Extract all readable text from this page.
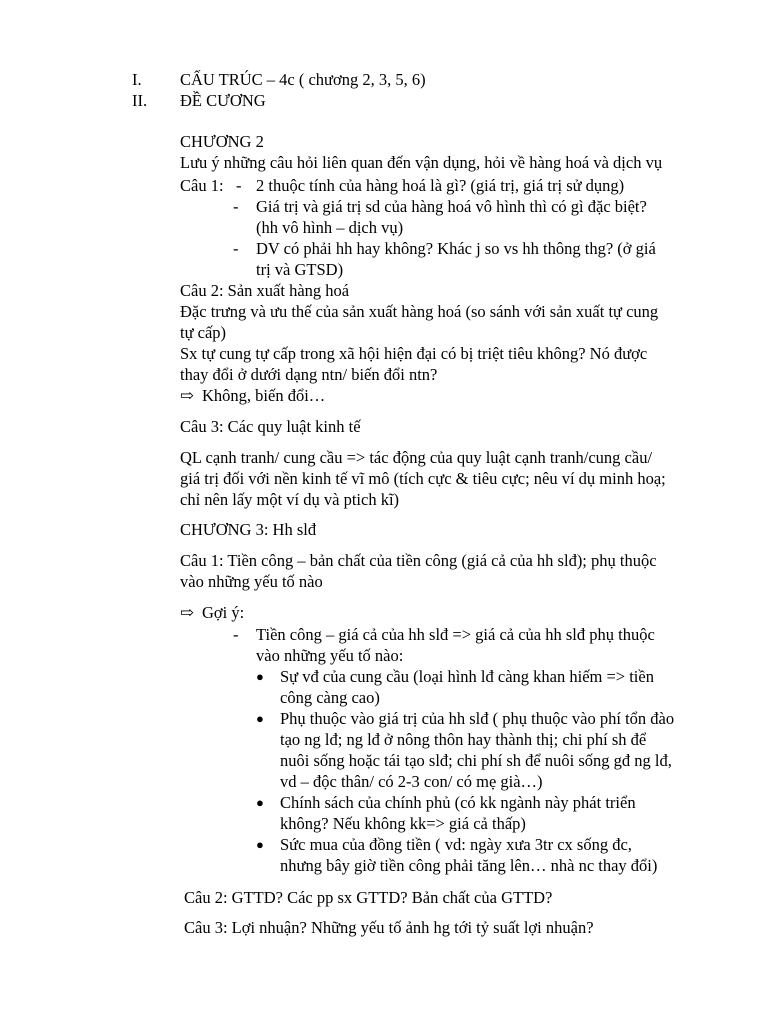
I. CẤU TRÚC – 4c ( chương 2, 3, 5, 6)
II. ĐỀ CƯƠNG
CHƯƠNG 2
Lưu ý những câu hỏi liên quan đến vận dụng, hỏi về hàng hoá và dịch vụ
Câu 1: - 2 thuộc tính của hàng hoá là gì? (giá trị, giá trị sử dụng)
- Giá trị và giá trị sd của hàng hoá vô hình thì có gì đặc biệt?
(hh vô hình – dịch vụ)
- DV có phải hh hay không? Khác j so vs hh thông thg? (ở giá
trị và GTSD)
Câu 2: Sản xuất hàng hoá
Đặc trưng và ưu thế của sản xuất hàng hoá (so sánh với sản xuất tự cung
tự cấp)
Sx tự cung tự cấp trong xã hội hiện đại có bị triệt tiêu không? Nó được
thay đổi ở dưới dạng ntn/ biến đổi ntn?
⇨ Không, biến đổi…
Câu 3: Các quy luật kinh tế
QL cạnh tranh/ cung cầu => tác động của quy luật cạnh tranh/cung cầu/
giá trị đối với nền kinh tế vĩ mô (tích cực & tiêu cực; nêu ví dụ minh hoạ;
chỉ nên lấy một ví dụ và ptich kĩ)
CHƯƠNG 3: Hh slđ
Câu 1: Tiền công – bản chất của tiền công (giá cả của hh slđ); phụ thuộc
vào những yếu tố nào
⇨ Gợi ý:
- Tiền công – giá cả của hh slđ => giá cả của hh slđ phụ thuộc
vào những yếu tố nào:
● Sự vđ của cung cầu (loại hình lđ càng khan hiếm => tiền
công càng cao)
● Phụ thuộc vào giá trị của hh slđ ( phụ thuộc vào phí tổn đào
tạo ng lđ; ng lđ ở nông thôn hay thành thị; chi phí sh để
nuôi sống hoặc tái tạo slđ; chi phí sh để nuôi sống gđ ng lđ,
vd – độc thân/ có 2-3 con/ có mẹ già…)
● Chính sách của chính phủ (có kk ngành này phát triển
không? Nếu không kk=> giá cả thấp)
● Sức mua của đồng tiền ( vd: ngày xưa 3tr cx sống đc,
nhưng bây giờ tiền công phải tăng lên… nhà nc thay đổi)
Câu 2: GTTD? Các pp sx GTTD? Bản chất của GTTD?
Câu 3: Lợi nhuận? Những yếu tố ảnh hg tới tỷ suất lợi nhuận?
